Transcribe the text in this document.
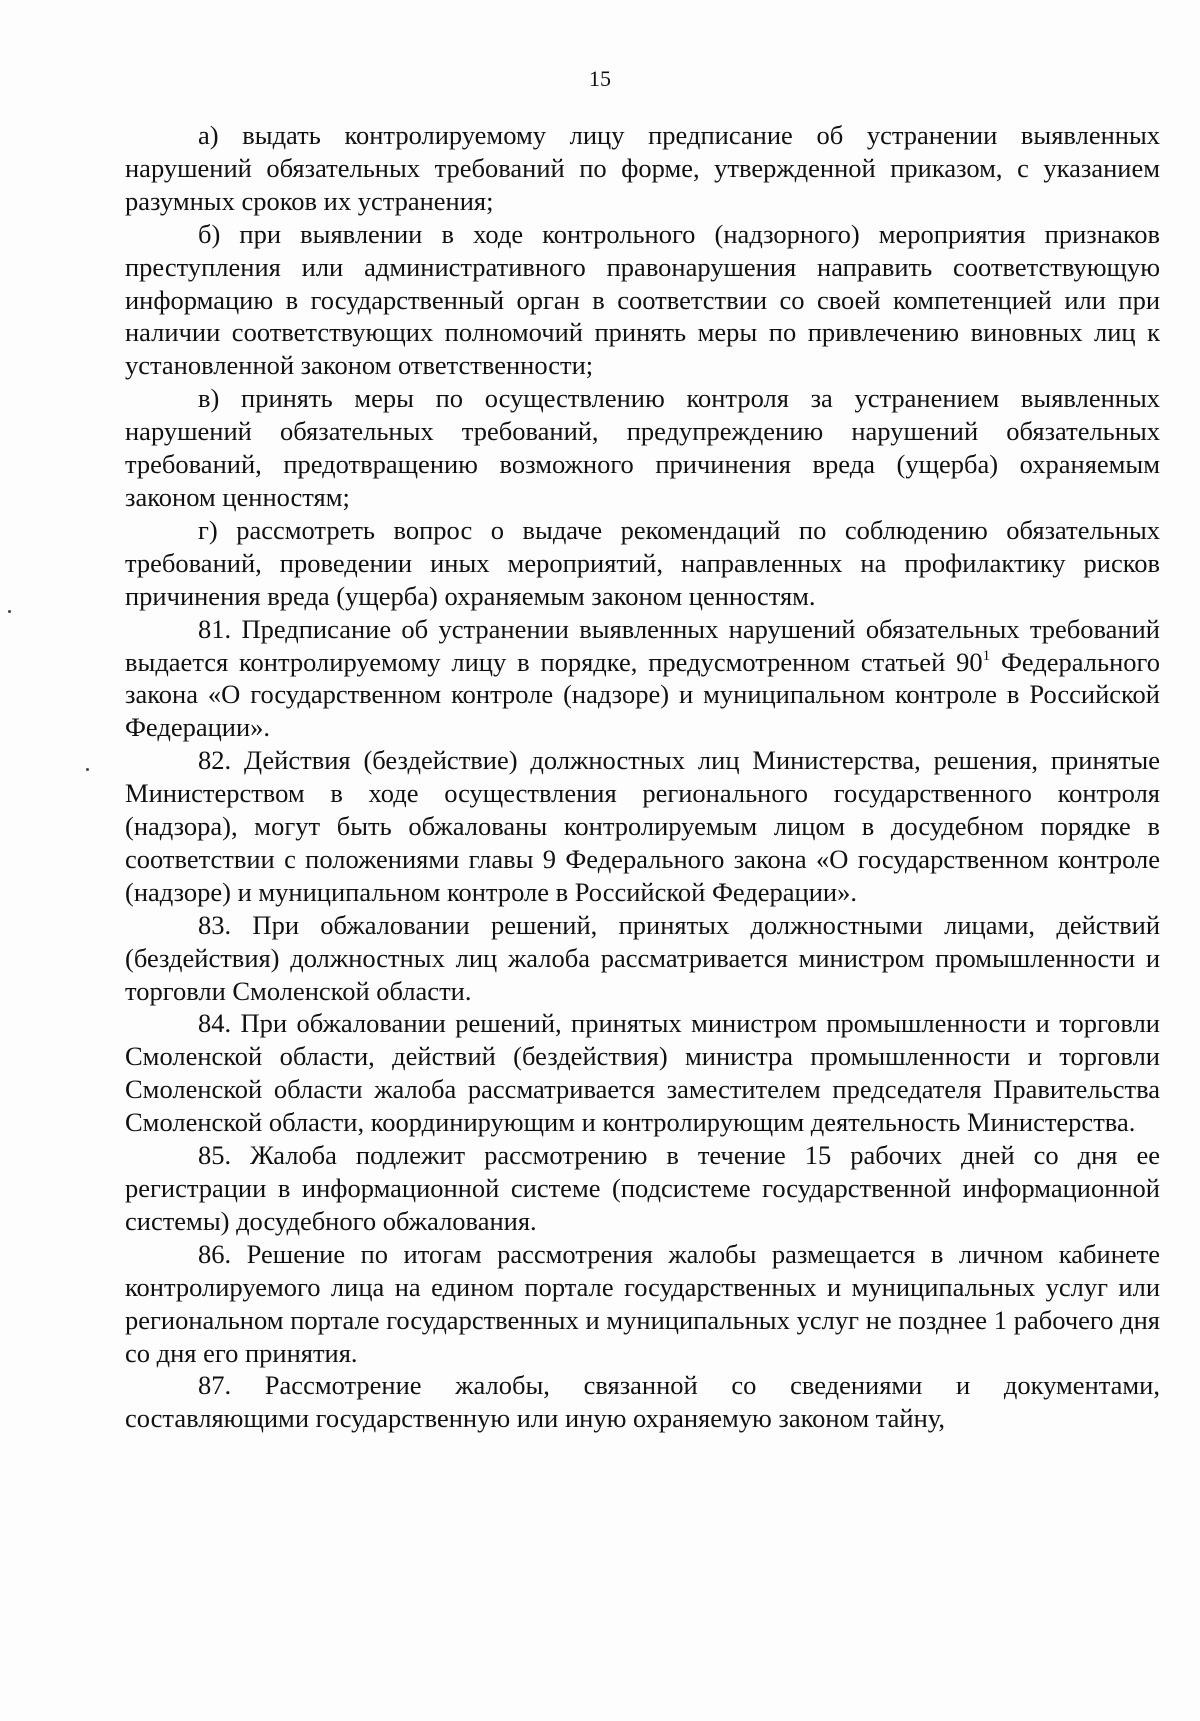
15

а) выдать контролируемому лицу предписание об устранении выявленных нарушений обязательных требований по форме, утвержденной приказом, с указанием разумных сроков их устранения;

б) при выявлении в ходе контрольного (надзорного) мероприятия признаков преступления или административного правонарушения направить соответствующую информацию в государственный орган в соответствии со своей компетенцией или при наличии соответствующих полномочий принять меры по привлечению виновных лиц к установленной законом ответственности;

в) принять меры по осуществлению контроля за устранением выявленных нарушений обязательных требований, предупреждению нарушений обязательных требований, предотвращению возможного причинения вреда (ущерба) охраняемым законом ценностям;

г) рассмотреть вопрос о выдаче рекомендаций по соблюдению обязательных требований, проведении иных мероприятий, направленных на профилактику рисков причинения вреда (ущерба) охраняемым законом ценностям.

81. Предписание об устранении выявленных нарушений обязательных требований выдается контролируемому лицу в порядке, предусмотренном статьей $90^1$ Федерального закона «О государственном контроле (надзоре) и муниципальном контроле в Российской Федерации».

82. Действия (бездействие) должностных лиц Министерства, решения, принятые Министерством в ходе осуществления регионального государственного контроля (надзора), могут быть обжалованы контролируемым лицом в досудебном порядке в соответствии с положениями главы 9 Федерального закона «О государственном контроле (надзоре) и муниципальном контроле в Российской Федерации».

83. При обжаловании решений, принятых должностными лицами, действий (бездействия) должностных лиц жалоба рассматривается министром промышленности и торговли Смоленской области.

84. При обжаловании решений, принятых министром промышленности и торговли Смоленской области, действий (бездействия) министра промышленности и торговли Смоленской области жалоба рассматривается заместителем председателя Правительства Смоленской области, координирующим и контролирующим деятельность Министерства.

85. Жалоба подлежит рассмотрению в течение 15 рабочих дней со дня ее регистрации в информационной системе (подсистеме государственной информационной системы) досудебного обжалования.

86. Решение по итогам рассмотрения жалобы размещается в личном кабинете контролируемого лица на едином портале государственных и муниципальных услуг или региональном портале государственных и муниципальных услуг не позднее 1 рабочего дня со дня его принятия.

87. Рассмотрение жалобы, связанной со сведениями и документами, составляющими государственную или иную охраняемую законом тайну,
